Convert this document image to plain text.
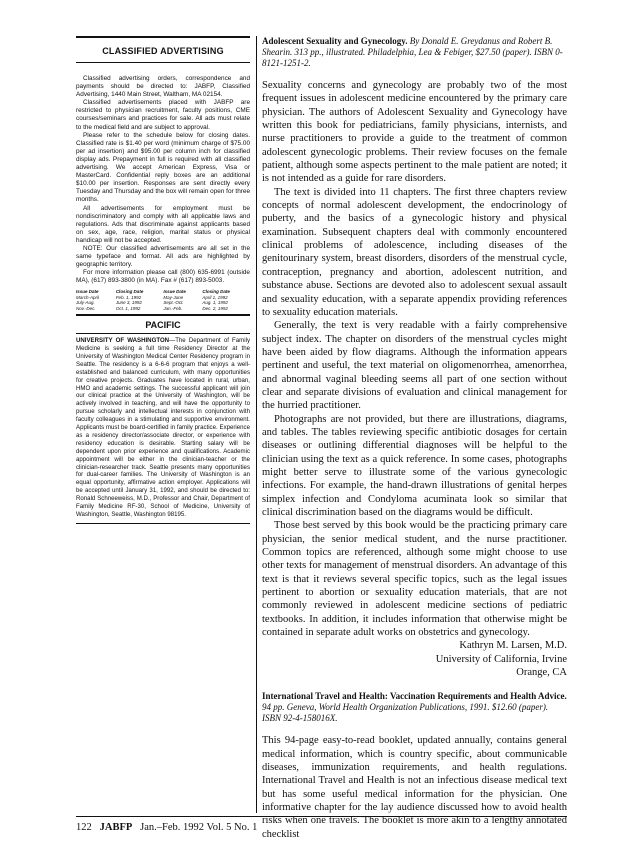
CLASSIFIED ADVERTISING

Classified advertising orders, correspondence and payments should be directed to: JABFP, Classified Advertising, 1440 Main Street, Waltham, MA 02154.

Classified advertisements placed with JABFP are restricted to physician recruitment, faculty positions, CME courses/seminars and practices for sale. All ads must relate to the medical field and are subject to approval.

Please refer to the schedule below for closing dates. Classified rate is $1.40 per word (minimum charge of $75.00 per ad insertion) and $95.00 per column inch for classified display ads. Prepayment in full is required with all classified advertising. We accept American Express, Visa or MasterCard. Confidential reply boxes are an additional $10.00 per insertion. Responses are sent directly every Tuesday and Thursday and the box will remain open for three months.

All advertisements for employment must be nondiscriminatory and comply with all applicable laws and regulations. Ads that discriminate against applicants based on sex, age, race, religion, marital status or physical handicap will not be accepted.

NOTE: Our classified advertisements are all set in the same typeface and format. All ads are highlighted by geographic territory.

For more information please call (800) 635-6991 (outside MA), (617) 893-3800 (in MA). Fax # (617) 893-5003.

Issue Date	Closing Date	Issue Date	Closing Date
March-April	Feb. 1, 1992	May-June	April 1, 1992
July-Aug.	June 3, 1992	Sept.-Oct.	Aug. 1, 1992
Nov.-Dec.	Oct. 1, 1992	Jan.-Feb.	Dec. 2, 1992
PACIFIC

UNIVERSITY OF WASHINGTON—The Department of Family Medicine is seeking a full time Residency Director at the University of Washington Medical Center Residency program in Seattle. The residency is a 6-6-6 program that enjoys a well-established and balanced curriculum, with many opportunities for creative projects. Graduates have located in rural, urban, HMO and academic settings. The successful applicant will join our clinical practice at the University of Washington, will be actively involved in teaching, and will have the opportunity to pursue scholarly and intellectual interests in conjunction with faculty colleagues in a stimulating and supportive environment. Applicants must be board-certified in family practice. Experience as a residency director/associate director, or experience with residency education is desirable. Starting salary will be dependent upon prior experience and qualifications. Academic appointment will be either in the clinician-teacher or the clinician-researcher track. Seattle presents many opportunities for dual-career families. The University of Washington is an equal opportunity, affirmative action employer. Applications will be accepted until January 31, 1992, and should be directed to: Ronald Schneeweiss, M.D., Professor and Chair, Department of Family Medicine RF-30, School of Medicine, University of Washington, Seattle, Washington 98195.

Adolescent Sexuality and Gynecology. By Donald E. Greydanus and Robert B. Shearin. 313 pp., illustrated. Philadelphia, Lea & Febiger, $27.50 (paper). ISBN 0-8121-1251-2.

Sexuality concerns and gynecology are probably two of the most frequent issues in adolescent medicine encountered by the primary care physician. The authors of Adolescent Sexuality and Gynecology have written this book for pediatricians, family physicians, internists, and nurse practitioners to provide a guide to the treatment of common adolescent gynecologic problems. Their review focuses on the female patient, although some aspects pertinent to the male patient are noted; it is not intended as a guide for rare disorders.

The text is divided into 11 chapters. The first three chapters review concepts of normal adolescent development, the endocrinology of puberty, and the basics of a gynecologic history and physical examination. Subsequent chapters deal with commonly encountered clinical problems of adolescence, including diseases of the genitourinary system, breast disorders, disorders of the menstrual cycle, contraception, pregnancy and abortion, adolescent nutrition, and substance abuse. Sections are devoted also to adolescent sexual assault and sexuality education, with a separate appendix providing references to sexuality education materials.

Generally, the text is very readable with a fairly comprehensive subject index. The chapter on disorders of the menstrual cycles might have been aided by flow diagrams. Although the information appears pertinent and useful, the text material on oligomenorrhea, amenorrhea, and abnormal vaginal bleeding seems all part of one section without clear and separate divisions of evaluation and clinical management for the hurried practitioner.

Photographs are not provided, but there are illustrations, diagrams, and tables. The tables reviewing specific antibiotic dosages for certain diseases or outlining differential diagnoses will be helpful to the clinician using the text as a quick reference. In some cases, photographs might better serve to illustrate some of the various gynecologic infections. For example, the hand-drawn illustrations of genital herpes simplex infection and Condyloma acuminata look so similar that clinical discrimination based on the diagrams would be difficult.

Those best served by this book would be the practicing primary care physician, the senior medical student, and the nurse practitioner. Common topics are referenced, although some might choose to use other texts for management of menstrual disorders. An advantage of this text is that it reviews several specific topics, such as the legal issues pertinent to abortion or sexuality education materials, that are not commonly reviewed in adolescent medicine sections of pediatric textbooks. In addition, it includes information that otherwise might be contained in separate adult works on obstetrics and gynecology.

Kathryn M. Larsen, M.D.

University of California, Irvine

Orange, CA

International Travel and Health: Vaccination Requirements and Health Advice. 94 pp. Geneva, World Health Organization Publications, 1991. $12.60 (paper). ISBN 92-4-158016X.

This 94-page easy-to-read booklet, updated annually, contains general medical information, which is country specific, about communicable diseases, immunization requirements, and health regulations. International Travel and Health is not an infectious disease medical text but has some useful medical information for the physician. One informative chapter for the lay audience discussed how to avoid health risks when one travels. The booklet is more akin to a lengthy annotated checklist

122 JABFP Jan.–Feb. 1992 Vol. 5 No. 1
